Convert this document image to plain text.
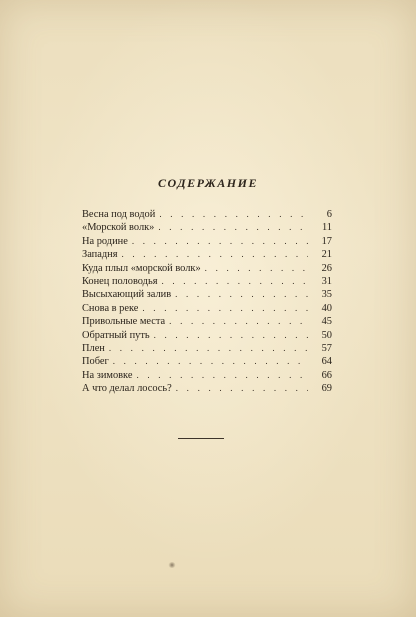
СОДЕРЖАНИЕ
Весна под водой . . .	6
«Морской волк» . . .	11
На родине . . .	17
Западня . . .	21
Куда плыл «морской волк» . . .	26
Конец половодья . . .	31
Высыхающий залив . . .	35
Снова в реке . . .	40
Привольные места . . .	45
Обратный путь . . .	50
Плен . . .	57
Побег . . .	64
На зимовке . . .	66
А что делал лосось? . . .	69
